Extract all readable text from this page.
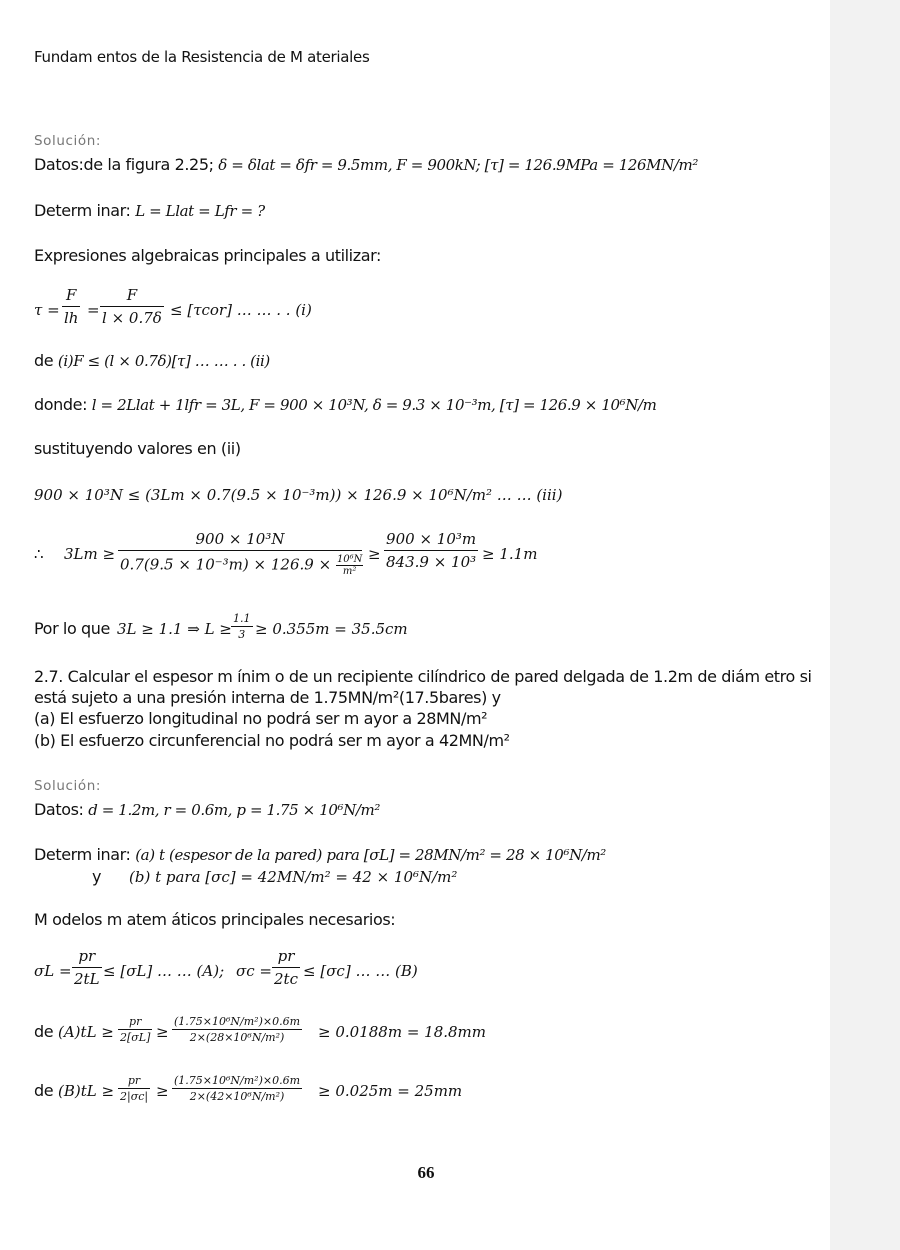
Fundam entos de la Resistencia de M ateriales
Solución:
Datos:de la figura 2.25; δ = δlat = δfr = 9.5mm, F = 900kN; [τ] = 126.9MPa = 126MN/m²
Determ inar: L = Llat = Lfr = ?
Expresiones algebraicas principales a utilizar:
$\tau = \frac{F}{lh} = \frac{F}{l \times 0.7\delta} \le [\tau cor]$ … … . . (i)
de (i)F ≤ (l × 0.7δ)[τ] … … . . (ii)
donde: l = 2Llat + 1lfr = 3L, F = 900 × 10³N, δ = 9.3 × 10⁻³m, [τ] = 126.9 × 10⁶N/m
sustituyendo valores en (ii)
900 × 10³N ≤ (3Lm × 0.7(9.5 × 10⁻³m)) × 126.9 × 10⁶N/m² … … (iii)
∴ $3Lm \ge \frac{\text{900 × 10³N}}{0.7(9.5 \times 10^{-3}m) \times 126.9 \times \frac{\text{10⁶N}}{\text{m²}}} \ge \frac{\text{900 × 10³m}}{\text{843.9 × 10³}} \ge 1.1m$
Por lo que 3L ≥ 1.1 ⇒ $L \ge \frac{1.1}{3} \ge 0.355m = 35.5cm$
2.7. Calcular el espesor m ínim o de un recipiente cilíndrico de pared delgada de 1.2m de diám etro si
está sujeto a una presión interna de 1.75MN/m²(17.5bares) y
(a) El esfuerzo longitudinal no podrá ser m ayor a 28MN/m²
(b) El esfuerzo circunferencial no podrá ser m ayor a 42MN/m²
Solución:
Datos: d = 1.2m, r = 0.6m, p = 1.75 × 10⁶N/m²
Determ inar: (a) t (espesor de la pared) para [σL] = 28MN/m² = 28 × 10⁶N/m²
y (b) t para [σc] = 42MN/m² = 42 × 10⁶N/m²
M odelos m atem áticos principales necesarios:
$\sigma L = \frac{pr}{2tL} \le [\sigma L]$ … … (A); $\sigma c = \frac{pr}{2tc} \le [\sigma c]$ … … (B)
de $(A)tL \ge \frac{pr}{2[\sigma L]} \ge \frac{\text{(1.75×10⁶N/m²)×0.6m}}{\text{2×(28×10⁶N/m²)}} \ge 0.0188m = 18.8mm$
de $(B)tL \ge \frac{pr}{2|\sigma c|} \ge \frac{\text{(1.75×10⁶N/m²)×0.6m}}{\text{2×(42×10⁶N/m²)}} \ge 0.025m = 25mm$
66
